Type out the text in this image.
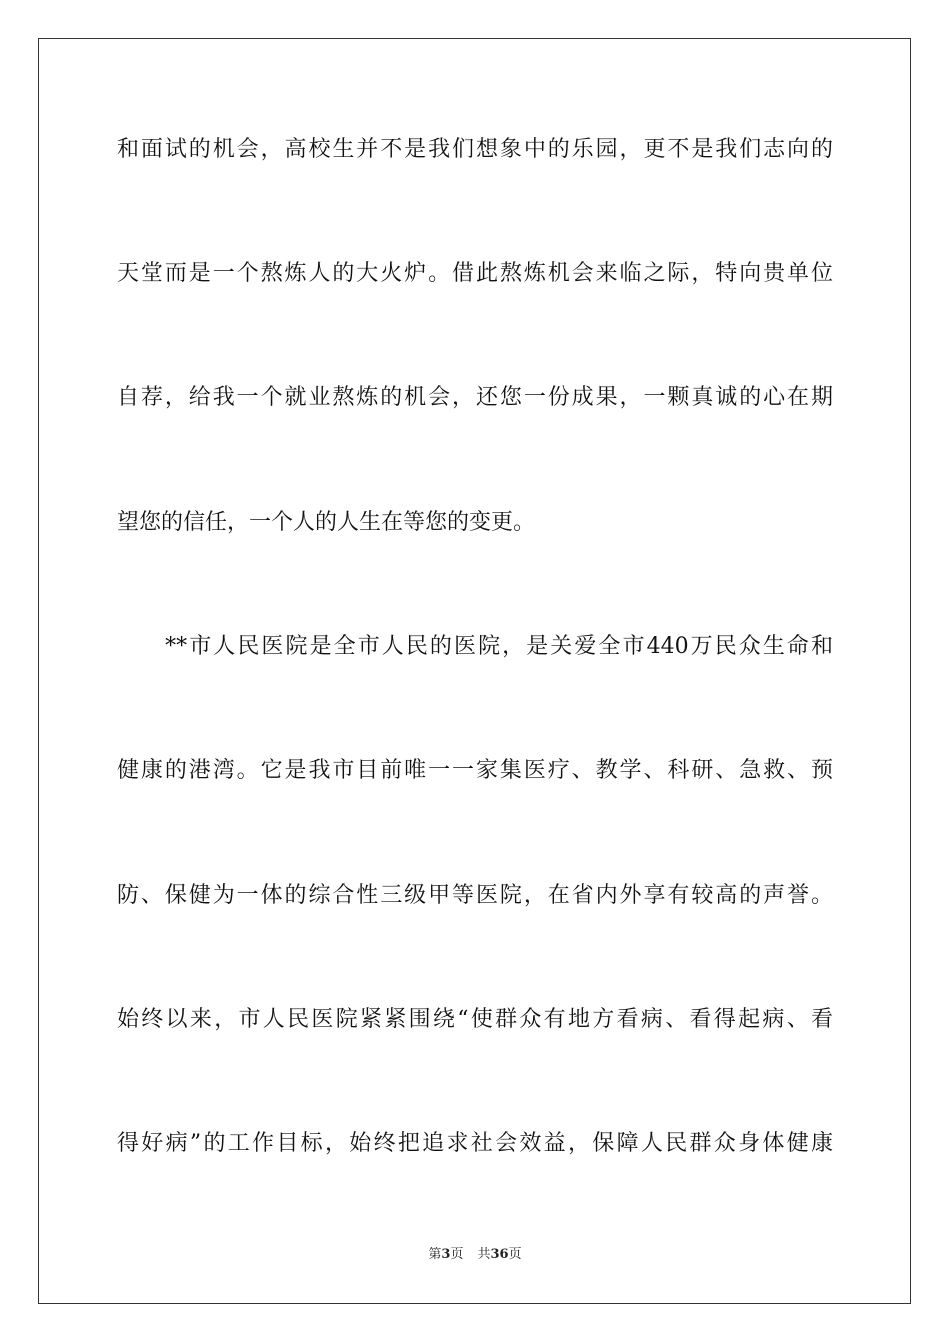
和面试的机会，高校生并不是我们想象中的乐园，更不是我们志向的
天堂而是一个熬炼人的大火炉。借此熬炼机会来临之际，特向贵单位
自荐，给我一个就业熬炼的机会，还您一份成果，一颗真诚的心在期
望您的信任，一个人的人生在等您的变更。
　　**市人民医院是全市人民的医院，是关爱全市440万民众生命和
健康的港湾。它是我市目前唯一一家集医疗、教学、科研、急救、预
防、保健为一体的综合性三级甲等医院，在省内外享有较高的声誉。
始终以来，市人民医院紧紧围绕“使群众有地方看病、看得起病、看
得好病”的工作目标，始终把追求社会效益，保障人民群众身体健康
第3页 共36页
